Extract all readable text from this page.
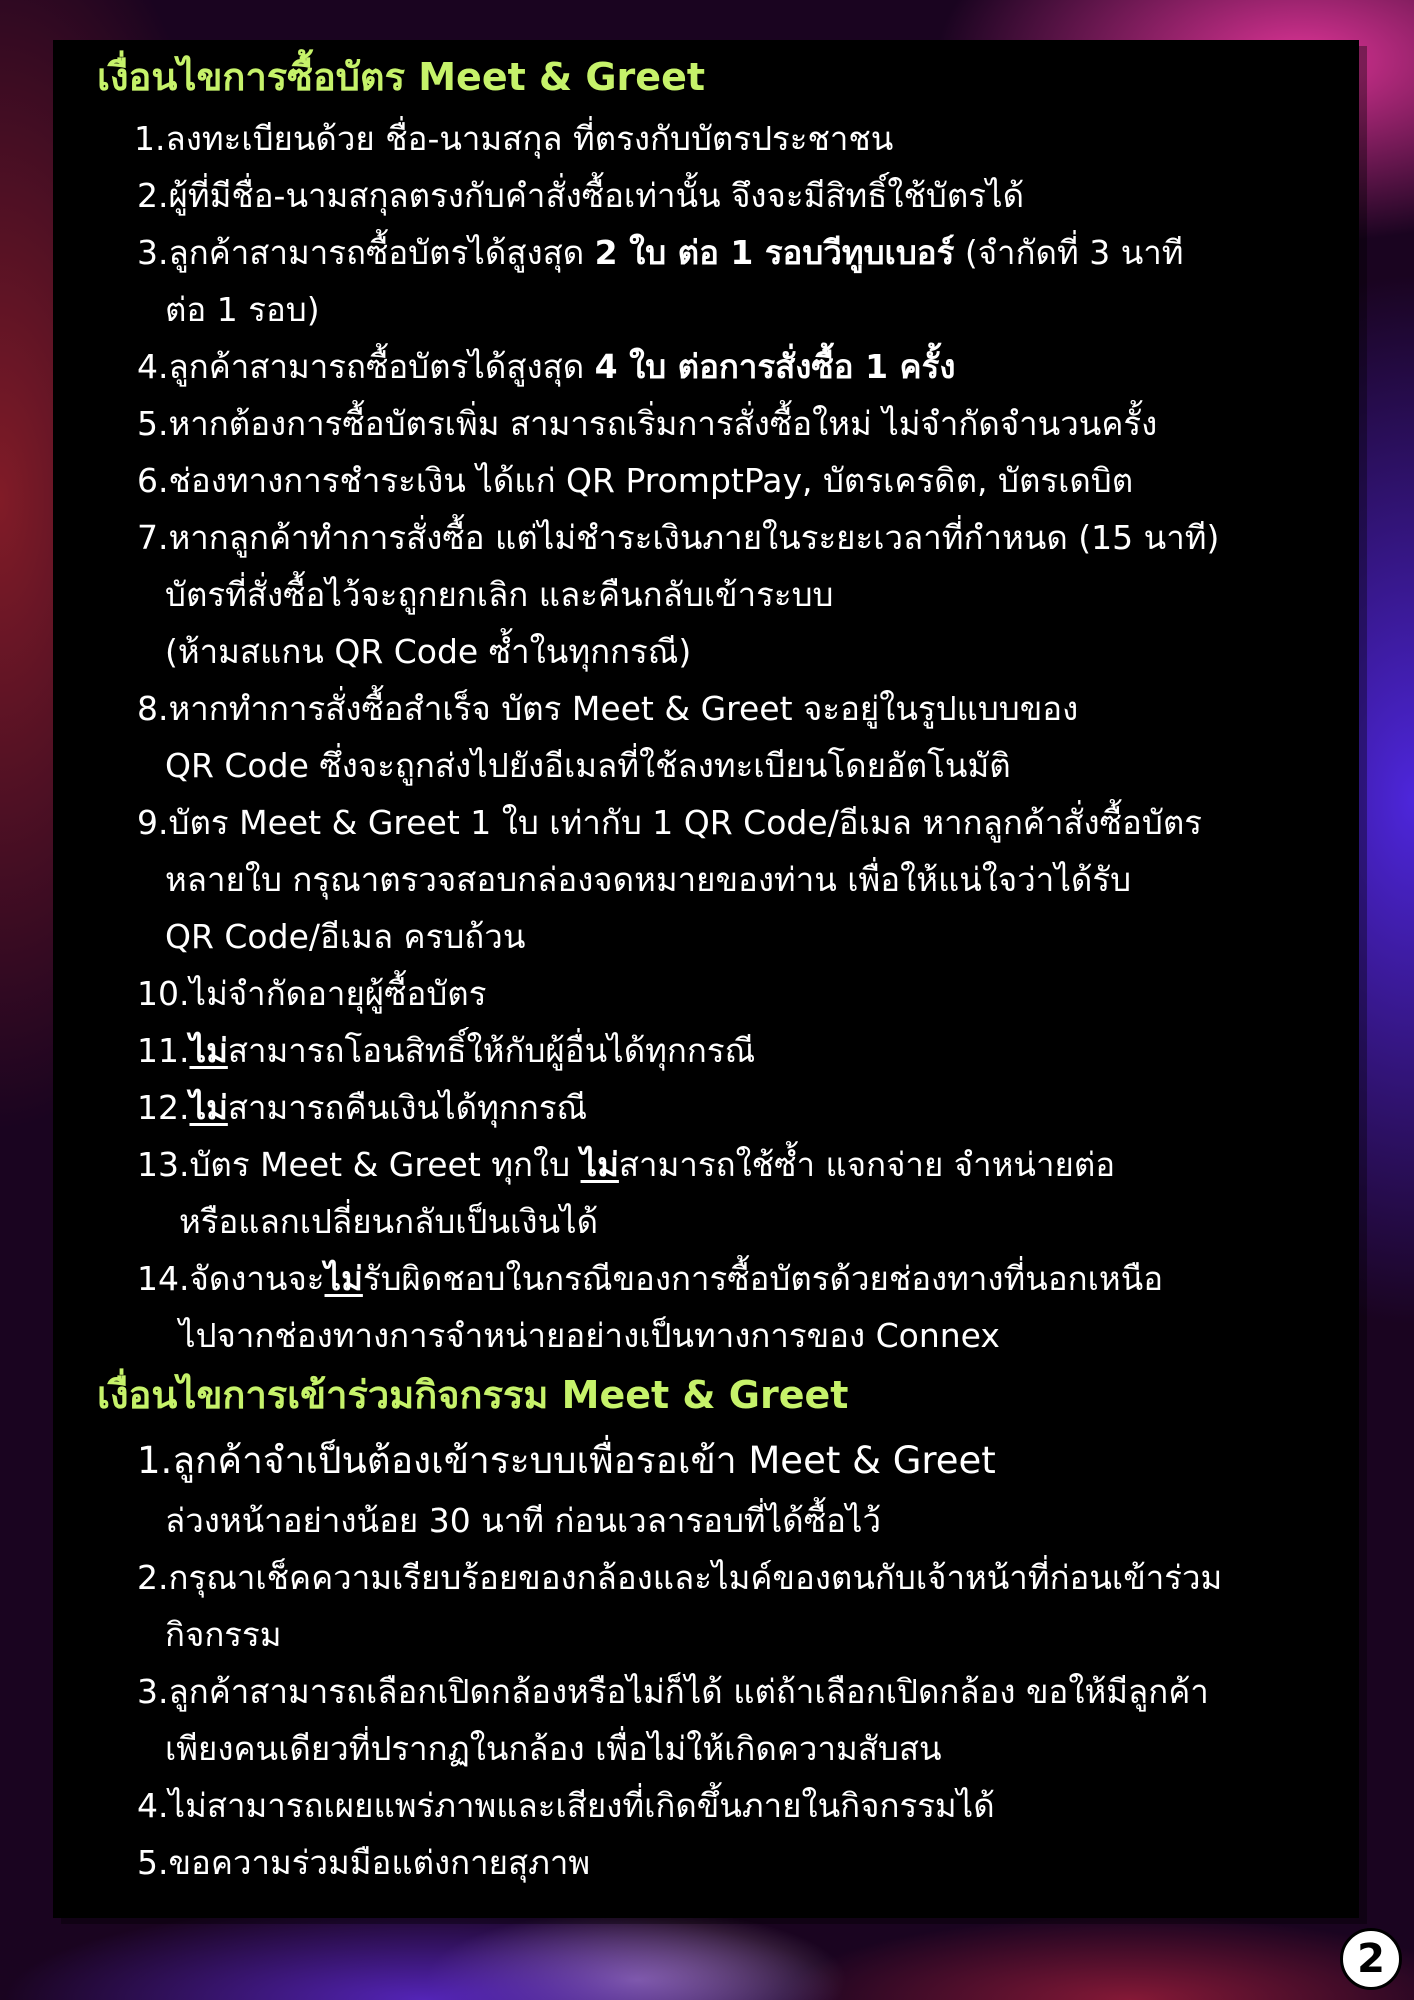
เงื่อนไขการซื้อบัตร Meet & Greet
1.ลงทะเบียนด้วย ชื่อ-นามสกุล ที่ตรงกับบัตรประชาชน
2.ผู้ที่มีชื่อ-นามสกุลตรงกับคำสั่งซื้อเท่านั้น จึงจะมีสิทธิ์ใช้บัตรได้
3.ลูกค้าสามารถซื้อบัตรได้สูงสุด 2 ใบ ต่อ 1 รอบวีทูบเบอร์ (จำกัดที่ 3 นาที
ต่อ 1 รอบ)
4.ลูกค้าสามารถซื้อบัตรได้สูงสุด 4 ใบ ต่อการสั่งซื้อ 1 ครั้ง
5.หากต้องการซื้อบัตรเพิ่ม สามารถเริ่มการสั่งซื้อใหม่ ไม่จำกัดจำนวนครั้ง
6.ช่องทางการชำระเงิน ได้แก่ QR PromptPay, บัตรเครดิต, บัตรเดบิต
7.หากลูกค้าทำการสั่งซื้อ แต่ไม่ชำระเงินภายในระยะเวลาที่กำหนด (15 นาที)
บัตรที่สั่งซื้อไว้จะถูกยกเลิก และคืนกลับเข้าระบบ
(ห้ามสแกน QR Code ซ้ำในทุกกรณี)
8.หากทำการสั่งซื้อสำเร็จ บัตร Meet & Greet จะอยู่ในรูปแบบของ
QR Code ซึ่งจะถูกส่งไปยังอีเมลที่ใช้ลงทะเบียนโดยอัตโนมัติ
9.บัตร Meet & Greet 1 ใบ เท่ากับ 1 QR Code/อีเมล หากลูกค้าสั่งซื้อบัตร
หลายใบ กรุณาตรวจสอบกล่องจดหมายของท่าน เพื่อให้แน่ใจว่าได้รับ
QR Code/อีเมล ครบถ้วน
10.ไม่จำกัดอายุผู้ซื้อบัตร
11.ไม่สามารถโอนสิทธิ์ให้กับผู้อื่นได้ทุกกรณี
12.ไม่สามารถคืนเงินได้ทุกกรณี
13.บัตร Meet & Greet ทุกใบ ไม่สามารถใช้ซ้ำ แจกจ่าย จำหน่ายต่อ
หรือแลกเปลี่ยนกลับเป็นเงินได้
14.จัดงานจะไม่รับผิดชอบในกรณีของการซื้อบัตรด้วยช่องทางที่นอกเหนือ
ไปจากช่องทางการจำหน่ายอย่างเป็นทางการของ Connex
เงื่อนไขการเข้าร่วมกิจกรรม Meet & Greet
1.ลูกค้าจำเป็นต้องเข้าระบบเพื่อรอเข้า Meet & Greet
ล่วงหน้าอย่างน้อย 30 นาที ก่อนเวลารอบที่ได้ซื้อไว้
2.กรุณาเช็คความเรียบร้อยของกล้องและไมค์ของตนกับเจ้าหน้าที่ก่อนเข้าร่วม
กิจกรรม
3.ลูกค้าสามารถเลือกเปิดกล้องหรือไม่ก็ได้ แต่ถ้าเลือกเปิดกล้อง ขอให้มีลูกค้า
เพียงคนเดียวที่ปรากฏในกล้อง เพื่อไม่ให้เกิดความสับสน
4.ไม่สามารถเผยแพร่ภาพและเสียงที่เกิดขึ้นภายในกิจกรรมได้
5.ขอความร่วมมือแต่งกายสุภาพ
2
